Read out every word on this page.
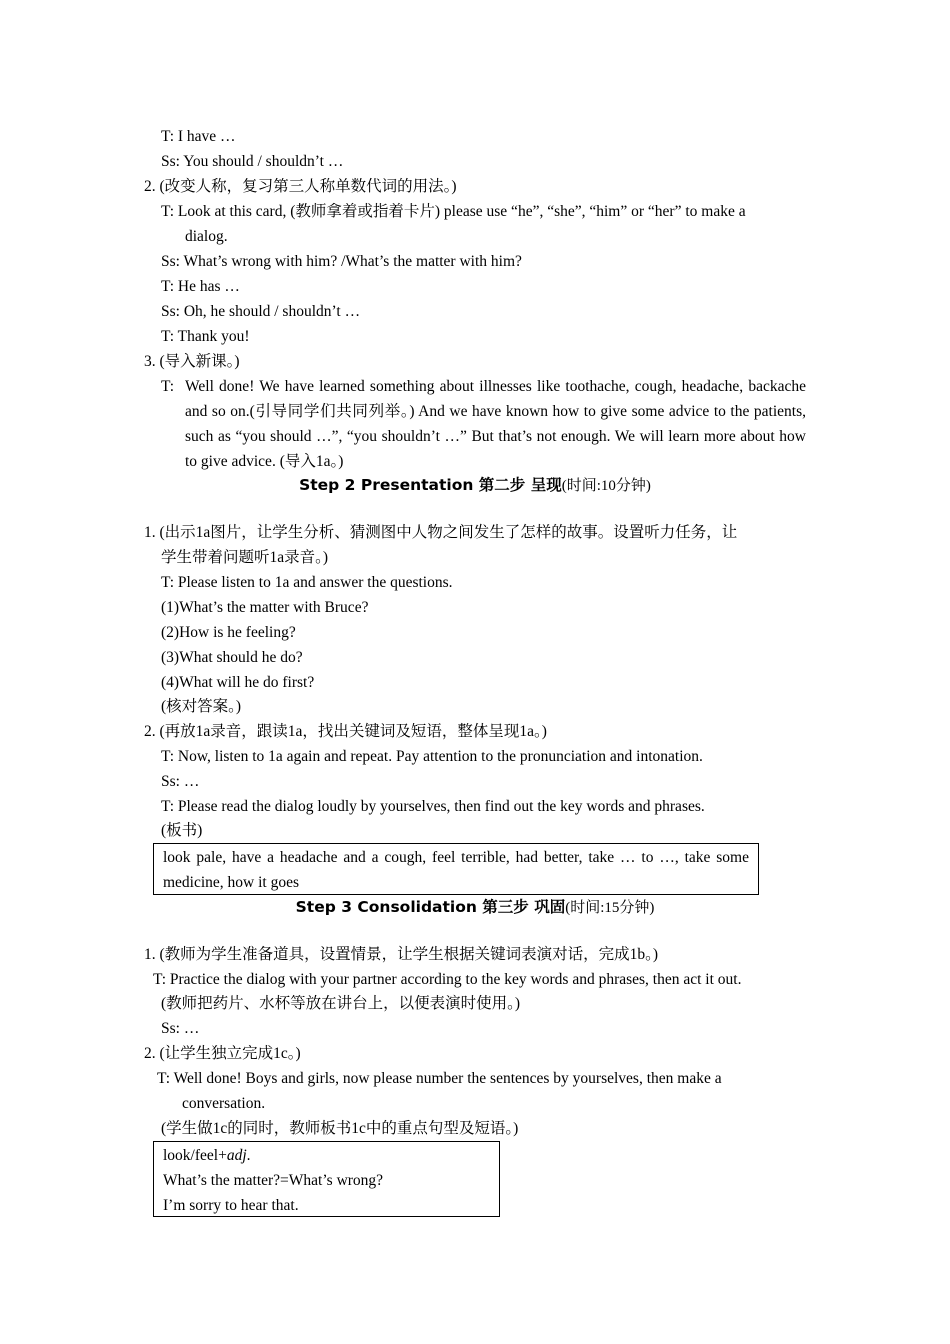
T: I have …
Ss: You should / shouldn’t …
2. (改变人称，复习第三人称单数代词的用法。)
T: Look at this card, (教师拿着或指着卡片) please use “he”, “she”, “him” or “her” to make a
dialog.
Ss: What’s wrong with him? /What’s the matter with him?
T: He has …
Ss: Oh, he should / shouldn’t …
T: Thank you!
3. (导入新课。)
T: Well done! We have learned something about illnesses like toothache, cough, headache, backache and so on.(引导同学们共同列举。) And we have known how to give some advice to the patients, such as “you should …”, “you shouldn’t …” But that’s not enough. We will learn more about how to give advice. (导入1a。)
Step 2 Presentation 第二步 呈现(时间:10分钟)
1. (出示1a图片，让学生分析、猜测图中人物之间发生了怎样的故事。设置听力任务，让
学生带着问题听1a录音。)
T: Please listen to 1a and answer the questions.
(1)What’s the matter with Bruce?
(2)How is he feeling?
(3)What should he do?
(4)What will he do first?
(核对答案。)
2. (再放1a录音，跟读1a，找出关键词及短语，整体呈现1a。)
T: Now, listen to 1a again and repeat. Pay attention to the pronunciation and intonation.
Ss: …
T: Please read the dialog loudly by yourselves, then find out the key words and phrases.
(板书)
look pale, have a headache and a cough, feel terrible, had better, take … to …, take some medicine, how it goes
Step 3 Consolidation 第三步 巩固(时间:15分钟)
1. (教师为学生准备道具，设置情景，让学生根据关键词表演对话，完成1b。)
T: Practice the dialog with your partner according to the key words and phrases, then act it out.
(教师把药片、水杯等放在讲台上，以便表演时使用。)
Ss: …
2. (让学生独立完成1c。)
T: Well done! Boys and girls, now please number the sentences by yourselves, then make a
conversation.
(学生做1c的同时，教师板书1c中的重点句型及短语。)
look/feel+adj.
What’s the matter?=What’s wrong?
I’m sorry to hear that.
